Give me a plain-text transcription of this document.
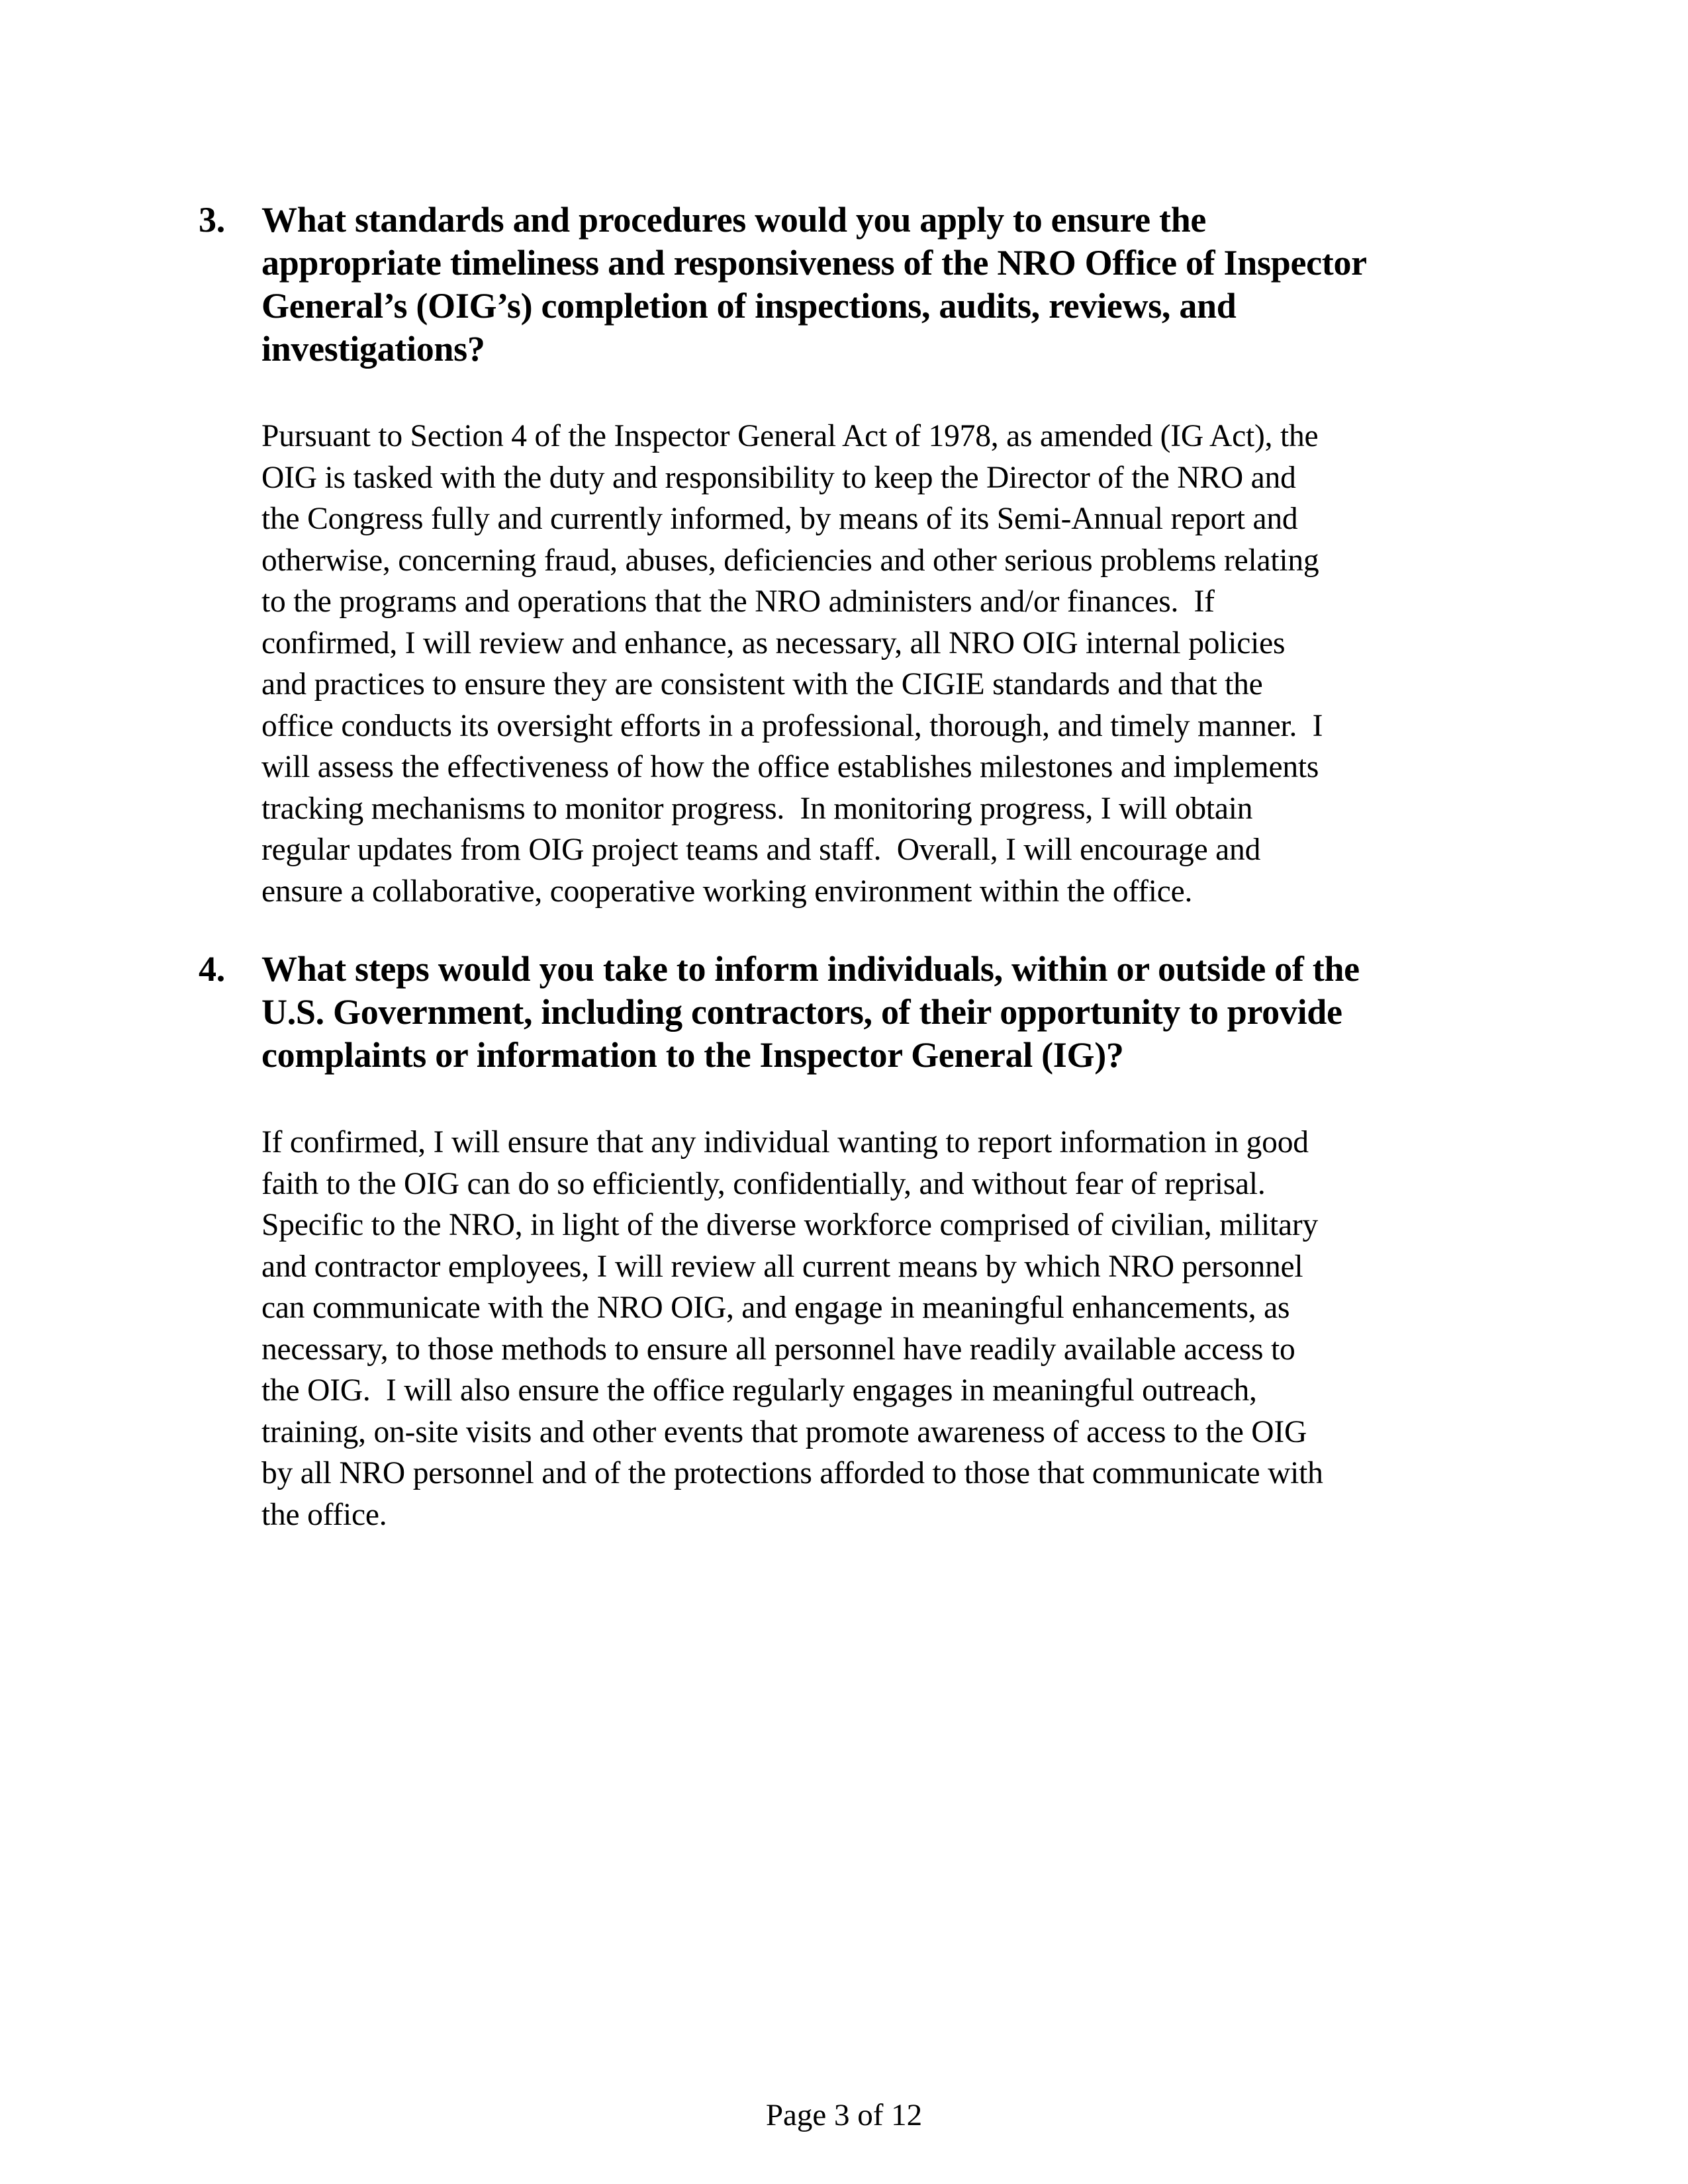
3. What standards and procedures would you apply to ensure the
appropriate timeliness and responsiveness of the NRO Office of Inspector
General’s (OIG’s) completion of inspections, audits, reviews, and
investigations?
Pursuant to Section 4 of the Inspector General Act of 1978, as amended (IG Act), the
OIG is tasked with the duty and responsibility to keep the Director of the NRO and
the Congress fully and currently informed, by means of its Semi-Annual report and
otherwise, concerning fraud, abuses, deficiencies and other serious problems relating
to the programs and operations that the NRO administers and/or finances.  If
confirmed, I will review and enhance, as necessary, all NRO OIG internal policies
and practices to ensure they are consistent with the CIGIE standards and that the
office conducts its oversight efforts in a professional, thorough, and timely manner.  I
will assess the effectiveness of how the office establishes milestones and implements
tracking mechanisms to monitor progress.  In monitoring progress, I will obtain
regular updates from OIG project teams and staff.  Overall, I will encourage and
ensure a collaborative, cooperative working environment within the office.
4. What steps would you take to inform individuals, within or outside of the
U.S. Government, including contractors, of their opportunity to provide
complaints or information to the Inspector General (IG)?
If confirmed, I will ensure that any individual wanting to report information in good
faith to the OIG can do so efficiently, confidentially, and without fear of reprisal.
Specific to the NRO, in light of the diverse workforce comprised of civilian, military
and contractor employees, I will review all current means by which NRO personnel
can communicate with the NRO OIG, and engage in meaningful enhancements, as
necessary, to those methods to ensure all personnel have readily available access to
the OIG.  I will also ensure the office regularly engages in meaningful outreach,
training, on-site visits and other events that promote awareness of access to the OIG
by all NRO personnel and of the protections afforded to those that communicate with
the office.
Page 3 of 12
